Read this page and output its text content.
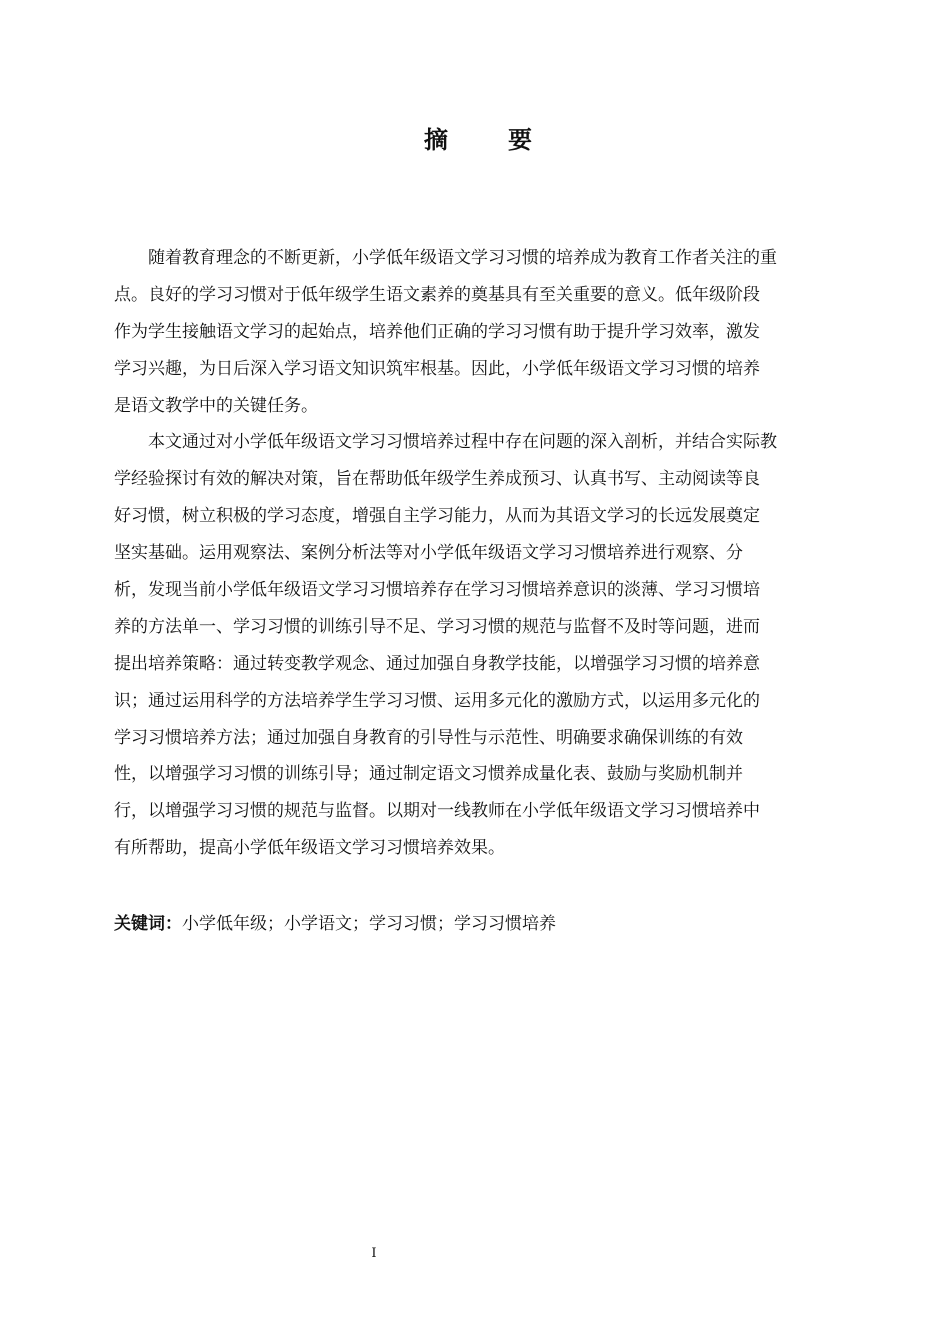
摘　要
随着教育理念的不断更新，小学低年级语文学习习惯的培养成为教育工作者关注的重
点。良好的学习习惯对于低年级学生语文素养的奠基具有至关重要的意义。低年级阶段
作为学生接触语文学习的起始点，培养他们正确的学习习惯有助于提升学习效率，激发
学习兴趣，为日后深入学习语文知识筑牢根基。因此，小学低年级语文学习习惯的培养
是语文教学中的关键任务。
本文通过对小学低年级语文学习习惯培养过程中存在问题的深入剖析，并结合实际教
学经验探讨有效的解决对策，旨在帮助低年级学生养成预习、认真书写、主动阅读等良
好习惯，树立积极的学习态度，增强自主学习能力，从而为其语文学习的长远发展奠定
坚实基础。运用观察法、案例分析法等对小学低年级语文学习习惯培养进行观察、分
析，发现当前小学低年级语文学习习惯培养存在学习习惯培养意识的淡薄、学习习惯培
养的方法单一、学习习惯的训练引导不足、学习习惯的规范与监督不及时等问题，进而
提出培养策略：通过转变教学观念、通过加强自身教学技能，以增强学习习惯的培养意
识；通过运用科学的方法培养学生学习习惯、运用多元化的激励方式，以运用多元化的
学习习惯培养方法；通过加强自身教育的引导性与示范性、明确要求确保训练的有效
性，以增强学习习惯的训练引导；通过制定语文习惯养成量化表、鼓励与奖励机制并
行，以增强学习习惯的规范与监督。以期对一线教师在小学低年级语文学习习惯培养中
有所帮助，提高小学低年级语文学习习惯培养效果。
关键词：小学低年级；小学语文；学习习惯；学习习惯培养
I
